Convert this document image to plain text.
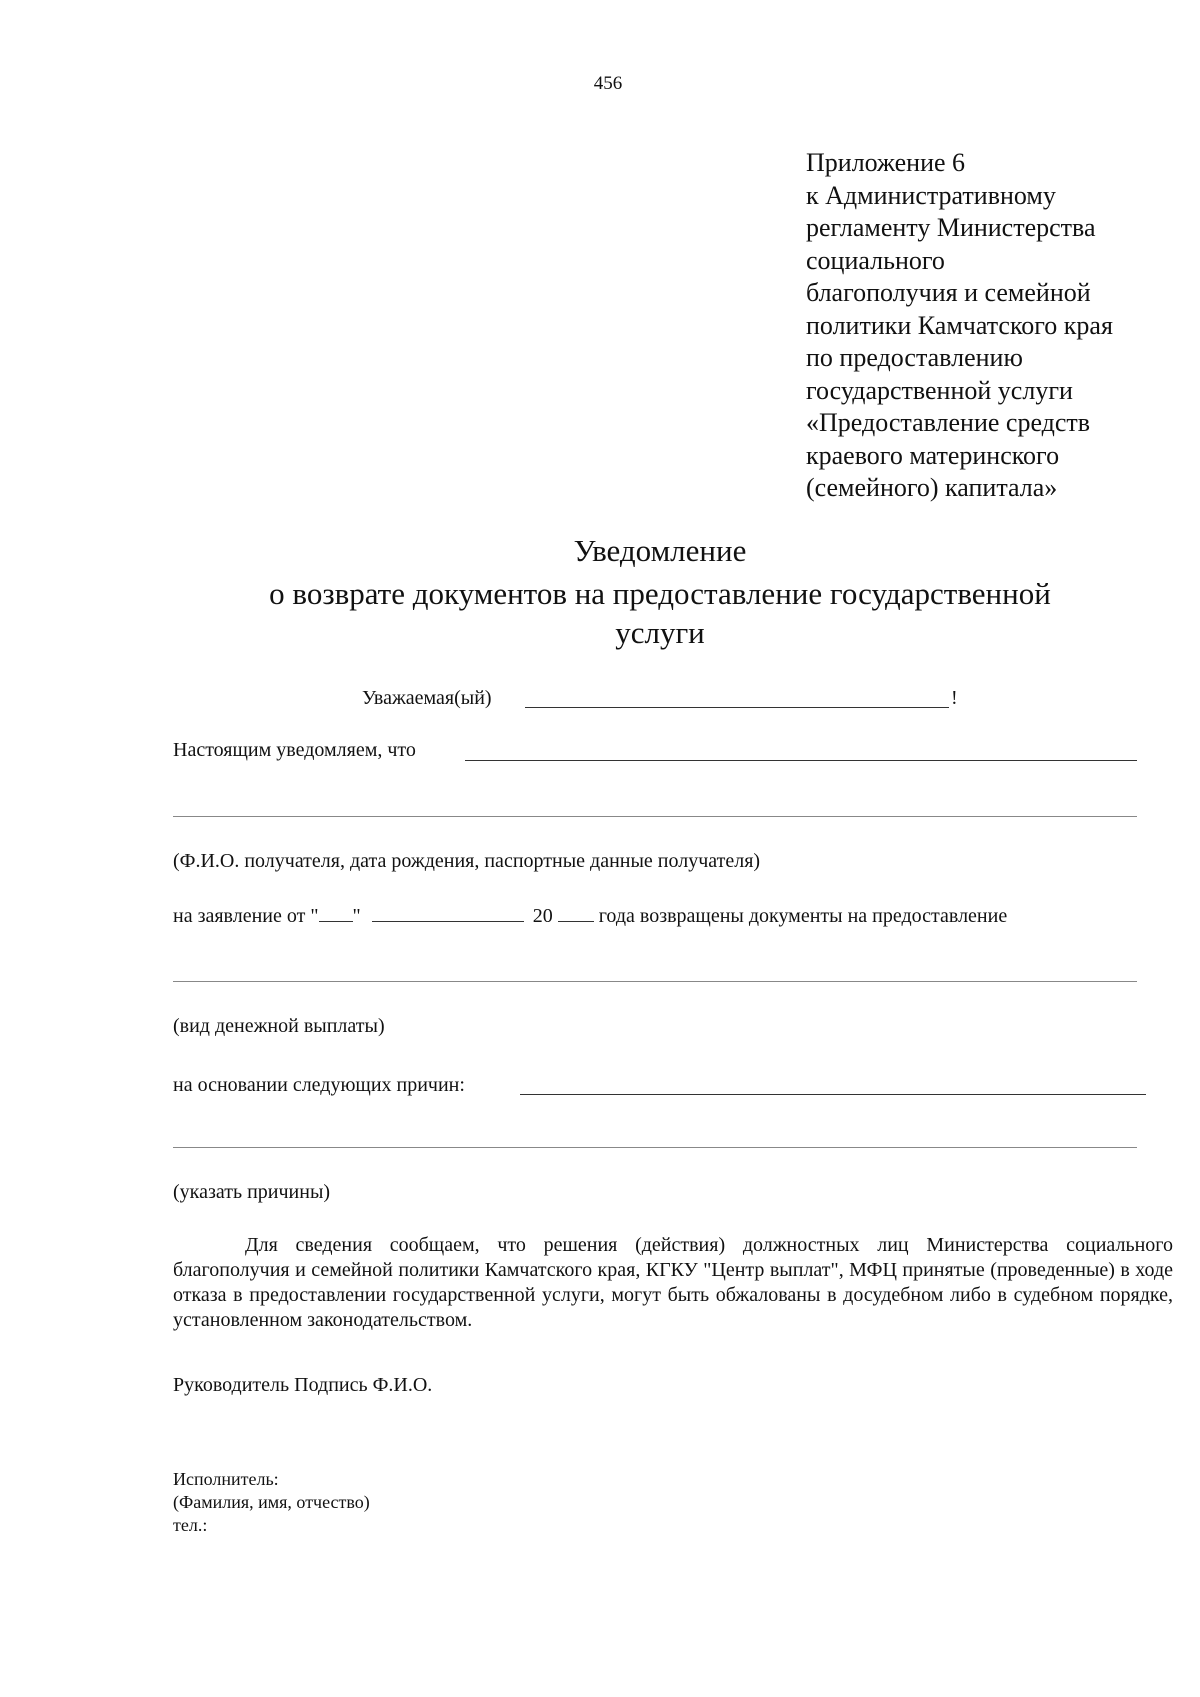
456
Приложение 6
к Административному
регламенту Министерства
социального
благополучия и семейной
политики Камчатского края
по предоставлению
государственной услуги
«Предоставление средств
краевого материнского
(семейного) капитала»
Уведомление
о возврате документов на предоставление государственной
услуги
Уважаемая(ый)	!
Настоящим уведомляем, что
(Ф.И.О. получателя, дата рождения, паспортные данные получателя)
на заявление от " "	20 года возвращены документы на предоставление
(вид денежной выплаты)
на основании следующих причин:
(указать причины)

Для сведения сообщаем, что решения (действия) должностных лиц Министерства социального благополучия и семейной политики Камчатского края, КГКУ "Центр выплат", МФЦ принятые (проведенные) в ходе отказа в предоставлении государственной услуги, могут быть обжалованы в досудебном либо в судебном порядке, установленном законодательством.

Руководитель Подпись Ф.И.О.
Исполнитель:
(Фамилия, имя, отчество)
тел.:
